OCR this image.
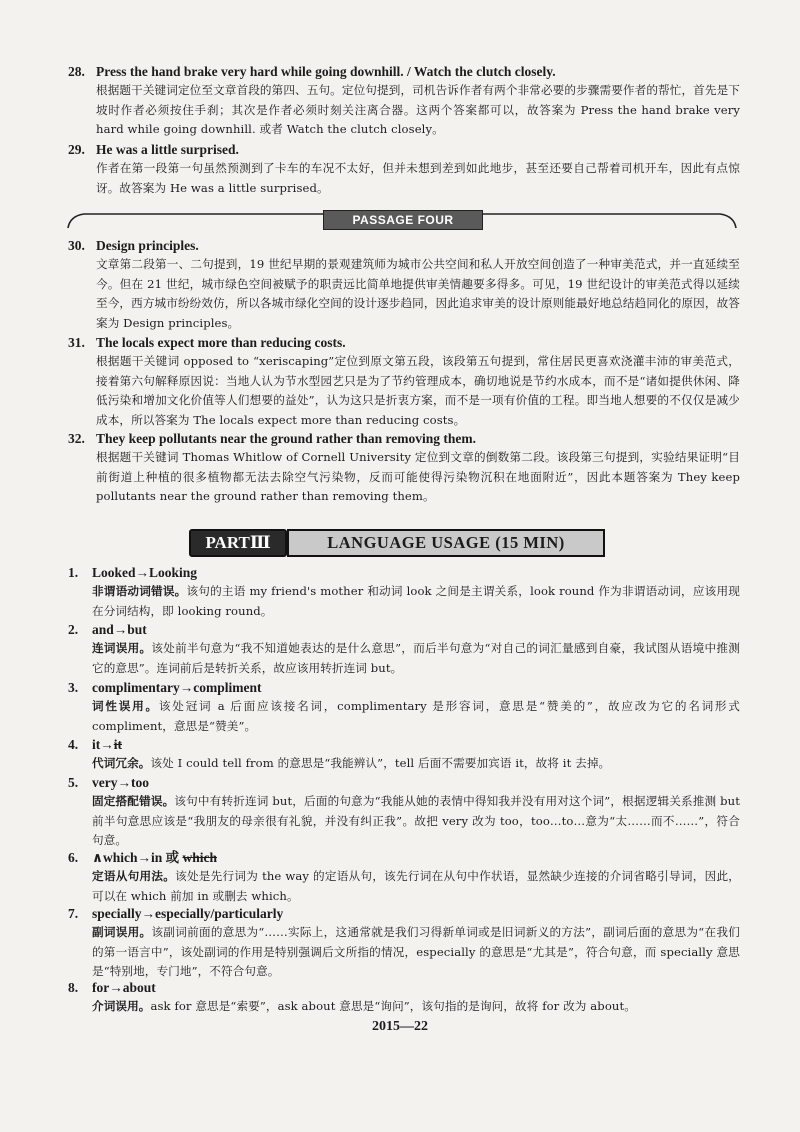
28. Press the hand brake very hard while going downhill. / Watch the clutch closely.
根据题干关键词定位至文章首段的第四、五句。定位句提到，司机告诉作者有两个非常必要的步骤需要作者的帮忙，首先是下坡时作者必须按住手刹；其次是作者必须时刻关注离合器。这两个答案都可以，故答案为 Press the hand brake very hard while going downhill. 或者 Watch the clutch closely。
29. He was a little surprised.
作者在第一段第一句虽然预测到了卡车的车况不太好，但并未想到差到如此地步，甚至还要自己帮着司机开车，因此有点惊讶。故答案为 He was a little surprised。
PASSAGE FOUR
30. Design principles.
文章第二段第一、二句提到，19 世纪早期的景观建筑师为城市公共空间和私人开放空间创造了一种审美范式，并一直延续至今。但在 21 世纪，城市绿色空间被赋予的职责远比简单地提供审美情趣要多得多。可见，19 世纪设计的审美范式得以延续至今，西方城市纷纷效仿，所以各城市绿化空间的设计逐步趋同，因此追求审美的设计原则能最好地总结趋同化的原因，故答案为 Design principles。
31. The locals expect more than reducing costs.
根据题干关键词 opposed to “xeriscaping”定位到原文第五段，该段第五句提到，常住居民更喜欢浇灌丰沛的审美范式，接着第六句解释原因说：当地人认为节水型园艺只是为了节约管理成本，确切地说是节约水成本，而不是“诸如提供休闲、降低污染和增加文化价值等人们想要的益处”，认为这只是折衷方案，而不是一项有价值的工程。即当地人想要的不仅仅是减少成本，所以答案为 The locals expect more than reducing costs。
32. They keep pollutants near the ground rather than removing them.
根据题干关键词 Thomas Whitlow of Cornell University 定位到文章的倒数第二段。该段第三句提到，实验结果证明“目前街道上种植的很多植物都无法去除空气污染物，反而可能使得污染物沉积在地面附近”，因此本题答案为 They keep pollutants near the ground rather than removing them。
PARTⅢ	LANGUAGE USAGE (15 MIN)
1. Looked→Looking
非谓语动词错误。该句的主语 my friend's mother 和动词 look 之间是主谓关系，look round 作为非谓语动词，应该用现在分词结构，即 looking round。
2. and→but
连词误用。该处前半句意为“我不知道她表达的是什么意思”，而后半句意为“对自己的词汇量感到自豪，我试图从语境中推测它的意思”。连词前后是转折关系，故应该用转折连词 but。
3. complimentary→compliment
词性误用。该处冠词 a 后面应该接名词，complimentary 是形容词，意思是“赞美的”，故应改为它的名词形式 compliment，意思是“赞美”。
4. it→it
代词冗余。该处 I could tell from 的意思是“我能辨认”，tell 后面不需要加宾语 it，故将 it 去掉。
5. very→too
固定搭配错误。该句中有转折连词 but，后面的句意为“我能从她的表情中得知我并没有用对这个词”，根据逻辑关系推测 but 前半句意思应该是“我朋友的母亲很有礼貌，并没有纠正我”。故把 very 改为 too，too…to…意为“太……而不……”，符合句意。
6. ∧which→in 或 which
定语从句用法。该处是先行词为 the way 的定语从句，该先行词在从句中作状语，显然缺少连接的介词省略引导词，因此，可以在 which 前加 in 或删去 which。
7. specially→especially/particularly
副词误用。该副词前面的意思为“……实际上，这通常就是我们习得新单词或是旧词新义的方法”，副词后面的意思为“在我们的第一语言中”，该处副词的作用是特别强调后文所指的情况，especially 的意思是“尤其是”，符合句意，而 specially 意思是“特别地，专门地”，不符合句意。
8. for→about
介词误用。ask for 意思是“索要”，ask about 意思是“询问”，该句指的是询问，故将 for 改为 about。
2015—22
